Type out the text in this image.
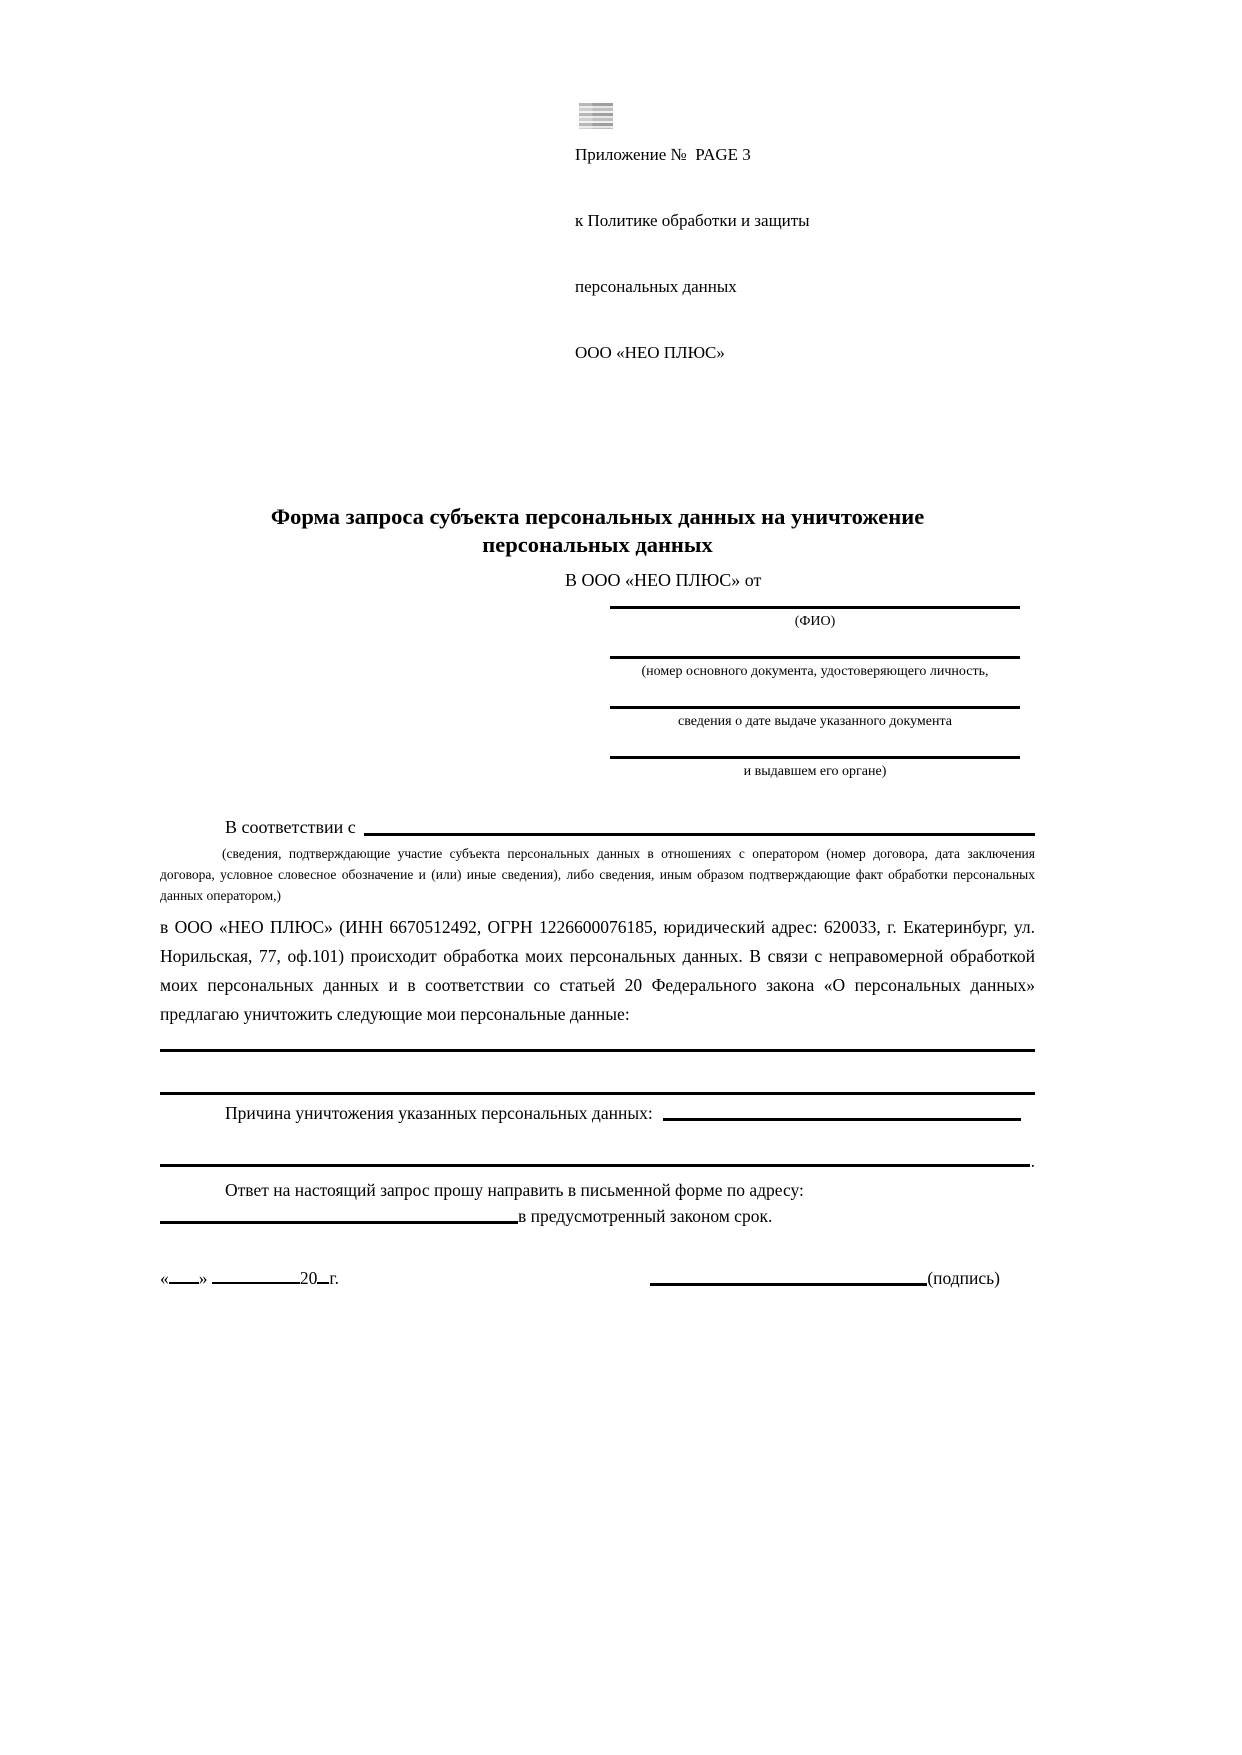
Приложение №  PAGE 3

к Политике обработки и защиты

персональных данных

ООО «НЕО ПЛЮС»

Форма запроса субъекта персональных данных на уничтожение
персональных данных
В ООО «НЕО ПЛЮС» от
(ФИО)
(номер основного документа, удостоверяющего личность,
сведения о дате выдаче указанного документа
и выдавшем его органе)
В соответствии с
(сведения, подтверждающие участие субъекта персональных данных в отношениях с оператором (номер договора, дата заключения договора, условное словесное обозначение и (или) иные сведения), либо сведения, иным образом подтверждающие факт обработки персональных данных оператором,)
в ООО «НЕО ПЛЮС» (ИНН 6670512492, ОГРН 1226600076185, юридический адрес: 620033, г. Екатеринбург, ул. Норильская, 77, оф.101) происходит обработка моих персональных данных. В связи с неправомерной обработкой моих персональных данных и в соответствии со статьей 20 Федерального закона «О персональных данных» предлагаю уничтожить следующие мои персональные данные:
Причина уничтожения указанных персональных данных:
.
Ответ на настоящий запрос прошу направить в письменной форме по адресу:
в предусмотренный законом срок.
« »	20 г.	(подпись)
